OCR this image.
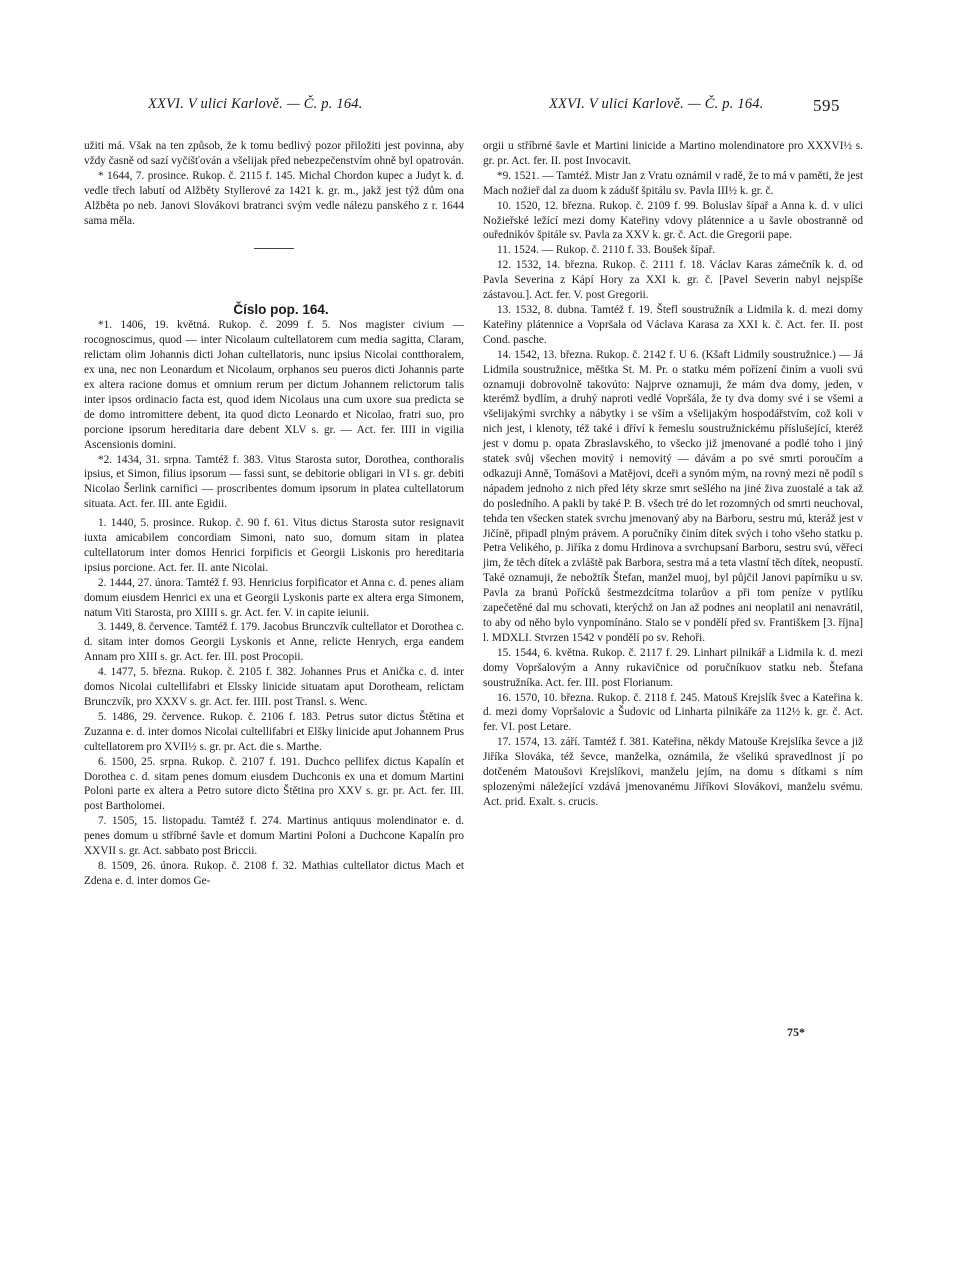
XXVI. V ulici Karlově. — Č. p. 164.	XXVI. V ulici Karlově. — Č. p. 164.	595

užiti má. Však na ten způsob, že k tomu bedlivý pozor přiložiti jest povinna, aby vždy časně od sazí vyčišťován a všelijak před nebezpečenstvím ohně byl opatrován.

* 1644, 7. prosince. Rukop. č. 2115 f. 145. Michal Chordon kupec a Judyt k. d. vedle třech labutí od Alžběty Styllerové za 1421 k. gr. m., jakž jest týž dům ona Alžběta po neb. Janovi Slovákovi bratranci svým vedle nálezu panského z r. 1644 sama měla.

Číslo pop. 164.

*1. 1406, 19. květná. Rukop. č. 2099 f. 5. Nos magister civium — rocognoscimus, quod — inter Nicolaum cultellatorem cum media sagitta, Claram, relictam olim Johannis dicti Johan cultellatoris, nunc ipsius Nicolai contthoralem, ex una, nec non Leonardum et Nicolaum, orphanos seu pueros dicti Johannis parte ex altera racione domus et omnium rerum per dictum Johannem relictorum talis inter ipsos ordinacio facta est, quod idem Nicolaus una cum uxore sua predicta se de domo intromittere debent, ita quod dicto Leonardo et Nicolao, fratri suo, pro porcione ipsorum hereditaria dare debent XLV s. gr. — Act. fer. IIII in vigilia Ascensionis domini.

*2. 1434, 31. srpna. Tamtéž f. 383. Vitus Starosta sutor, Dorothea, conthoralis ipsius, et Simon, filius ipsorum — fassi sunt, se debitorie obligari in VI s. gr. debiti Nicolao Šerlink carnifici — proscribentes domum ipsorum in platea cultellatorum situata. Act. fer. III. ante Egidii.

1. 1440, 5. prosince. Rukop. č. 90 f. 61. Vitus dictus Starosta sutor resignavit iuxta amicabilem concordiam Simoni, nato suo, domum sitam in platea cultellatorum inter domos Henrici forpificis et Georgii Liskonis pro hereditaria ipsius porcione. Act. fer. II. ante Nicolai.

2. 1444, 27. února. Tamtéž f. 93. Henricius forpificator et Anna c. d. penes aliam domum eiusdem Henrici ex una et Georgii Lyskonis parte ex altera erga Simonem, natum Viti Starosta, pro XIIII s. gr. Act. fer. V. in capite ieiunii.

3. 1449, 8. července. Tamtéž f. 179. Jacobus Brunczvík cultellator et Dorothea c. d. sitam inter domos Georgii Lyskonis et Anne, relicte Henrych, erga eandem Annam pro XIII s. gr. Act. fer. III. post Procopii.

4. 1477, 5. března. Rukop. č. 2105 f. 382. Johannes Prus et Anička c. d. inter domos Nicolai cultellifabri et Elssky linicide situatam aput Dorotheam, relictam Brunczvík, pro XXXV s. gr. Act. fer. IIII. post Transl. s. Wenc.

5. 1486, 29. července. Rukop. č. 2106 f. 183. Petrus sutor dictus Štětina et Zuzanna e. d. inter domos Nicolai cultellifabri et Elšky linicide aput Johannem Prus cultellatorem pro XVII½ s. gr. pr. Act. die s. Marthe.

6. 1500, 25. srpna. Rukop. č. 2107 f. 191. Duchco pellifex dictus Kapalín et Dorothea c. d. sitam penes domum eiusdem Duchconis ex una et domum Martini Poloni parte ex altera a Petro sutore dicto Štětina pro XXV s. gr. pr. Act. fer. III. post Bartholomei.

7. 1505, 15. listopadu. Tamtéž f. 274. Martinus antiquus molendinator e. d. penes domum u stříbrné šavle et domum Martini Poloni a Duchcone Kapalín pro XXVII s. gr. Act. sabbato post Briccii.

8. 1509, 26. února. Rukop. č. 2108 f. 32. Mathias cultellator dictus Mach et Zdena e. d. inter domos Ge-

orgii u stříbrné šavle et Martini linicide a Martino molendinatore pro XXXVI½ s. gr. pr. Act. fer. II. post Invocavit.

*9. 1521. — Tamtéž. Mistr Jan z Vratu oznámil v radě, že to má v paměti, že jest Mach nožieř dal za duom k zádušf špitálu sv. Pavla III½ k. gr. č.

10. 1520, 12. března. Rukop. č. 2109 f. 99. Boluslav šípař a Anna k. d. v ulici Nožieřské ležící mezi domy Kateřiny vdovy plátennice a u šavle obostranně od ouřednikóv špitále sv. Pavla za XXV k. gr. č. Act. die Gregorii pape.

11. 1524. — Rukop. č. 2110 f. 33. Boušek šípař.

12. 1532, 14. března. Rukop. č. 2111 f. 18. Václav Karas zámečník k. d. od Pavla Severina z Kápí Hory za XXI k. gr. č. [Pavel Severin nabyl nejspíše zástavou.]. Act. fer. V. post Gregorii.

13. 1532, 8. dubna. Tamtéž f. 19. Štefl soustružník a Lidmila k. d. mezi domy Kateřiny plátennice a Vopršala od Václava Karasa za XXI k. č. Act. fer. II. post Cond. pasche.

14. 1542, 13. března. Rukop. č. 2142 f. U 6. (Kšaft Lidmily soustružnice.) — Já Lidmila soustružnice, měštka St. M. Pr. o statku mém pořízení činím a vuoli svú oznamuji dobrovolně takovúto: Najprve oznamuji, že mám dva domy, jeden, v kterémž bydlím, a druhý naproti vedlé Vopršála, že ty dva domy své i se všemi a všelijakými svrchky a nábytky i se vším a všelijakým hospodářstvím, což koli v nich jest, i klenoty, též také i dříví k řemeslu soustružnickému příslušející, kteréž jest v domu p. opata Zbraslavského, to všecko již jmenované a podlé toho i jiný statek svůj všechen movitý i nemovitý — dávám a po své smrti poroučím a odkazuji Anně, Tomášovi a Matějovi, dceři a synóm mým, na rovný mezi ně podíl s nápadem jednoho z nich před léty skrze smrt sešlého na jiné živa zuostalé a tak až do posledního. A pakli by také P. B. všech tré do let rozomných od smrti neuchoval, tehda ten všecken statek svrchu jmenovaný aby na Barboru, sestru mú, kteráž jest v Jičíně, připadl plným právem. A poručníky činím dítek svých i toho všeho statku p. Petra Velikého, p. Jiříka z domu Hrdinova a svrchupsaní Barboru, sestru svú, věřeci jim, že těch dítek a zvláště pak Barbora, sestra má a teta vlastní těch dítek, neopustí. Také oznamuji, že nebožtík Štefan, manžel muoj, byl půjčil Janovi papírníku u sv. Pavla za branú Pořícků šestmezdcítma tolarůov a při tom peníze v pytlíku zapečetěné dal mu schovati, kterýchž on Jan až podnes ani neoplatil ani nenavrátil, to aby od něho bylo vynpomínáno. Stalo se v pondělí před sv. Františkem [3. října] l. MDXLI. Stvrzen 1542 v pondělí po sv. Rehoři.

15. 1544, 6. května. Rukop. č. 2117 f. 29. Linhart pilnikář a Lidmila k. d. mezi domy Vopršalovým a Anny rukavičnice od poručníkuov statku neb. Štefana soustružníka. Act. fer. III. post Florianum.

16. 1570, 10. března. Rukop. č. 2118 f. 245. Matouš Krejslík švec a Kateřina k. d. mezi domy Vopršalovic a Šudovic od Linharta pilnikáře za 112½ k. gr. č. Act. fer. VI. post Letare.

17. 1574, 13. září. Tamtéž f. 381. Kateřina, někdy Matouše Krejslíka ševce a již Jiříka Slováka, též ševce, manželka, oznámila, že všelikú spravedlnost jí po dotčeném Matoušovi Krejslíkovi, manželu jejím, na domu s dítkami s ním splozenými náležející vzdává jmenovanému Jiříkovi Slovákovi, manželu svému. Act. prid. Exalt. s. crucis.

75*
